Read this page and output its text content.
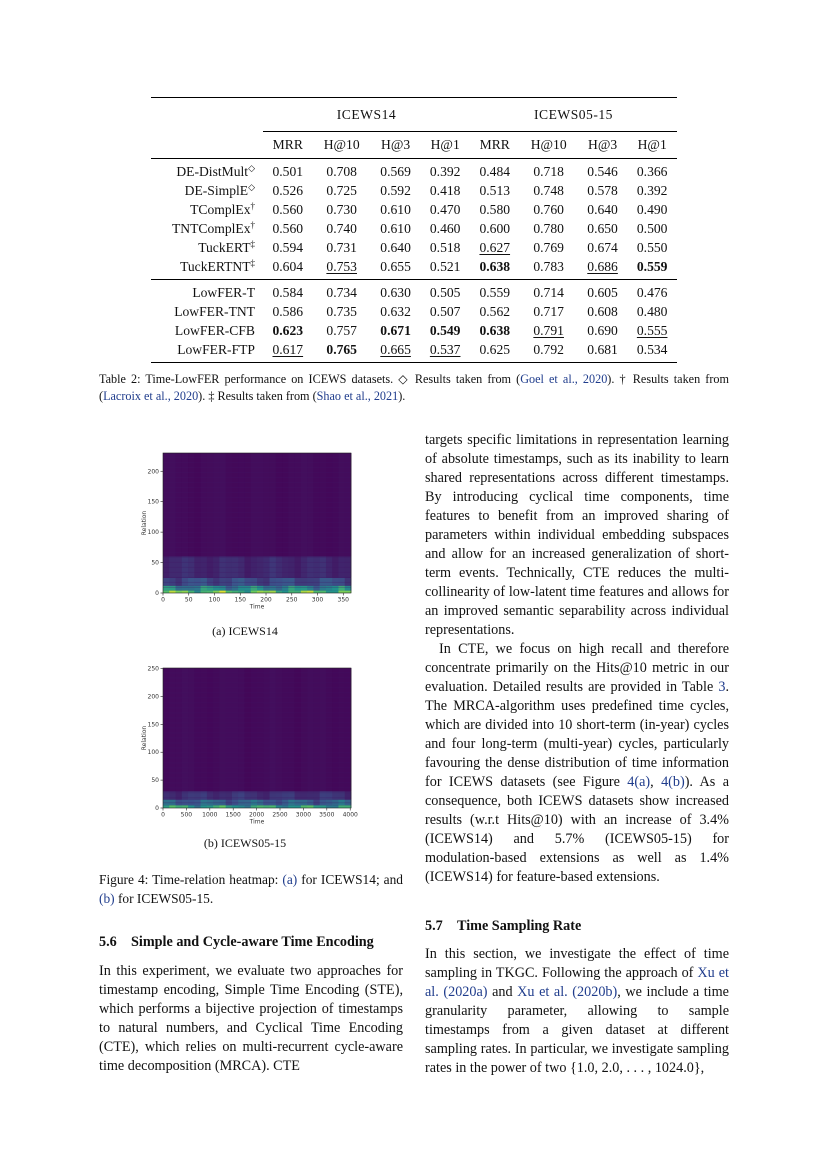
	ICEWS14				ICEWS05-15			
	MRR	H@10	H@3	H@1	MRR	H@10	H@3	H@1

DE-DistMult◇	0.501	0.708	0.569	0.392	0.484	0.718	0.546	0.366
DE-SimplE◇	0.526	0.725	0.592	0.418	0.513	0.748	0.578	0.392
TComplEx†	0.560	0.730	0.610	0.470	0.580	0.760	0.640	0.490
TNTComplEx†	0.560	0.740	0.610	0.460	0.600	0.780	0.650	0.500
TuckERT‡	0.594	0.731	0.640	0.518	0.627	0.769	0.674	0.550
TuckERTNT‡	0.604	0.753	0.655	0.521	0.638	0.783	0.686	0.559

LowFER-T	0.584	0.734	0.630	0.505	0.559	0.714	0.605	0.476
LowFER-TNT	0.586	0.735	0.632	0.507	0.562	0.717	0.608	0.480
LowFER-CFB	0.623	0.757	0.671	0.549	0.638	0.791	0.690	0.555
LowFER-FTP	0.617	0.765	0.665	0.537	0.625	0.792	0.681	0.534

Table 2: Time-LowFER performance on ICEWS datasets. ◇ Results taken from (Goel et al., 2020). † Results taken from (Lacroix et al., 2020). ‡ Results taken from (Shao et al., 2021).
0
50
100
150
200
0	50	100 150 200 250 300 350
Time
Relation
(a) ICEWS14
0
50
100
150
200
250
0	500 1000 1500 2000 2500 3000 3500 4000
Time
Relation
(b) ICEWS05-15
Figure 4: Time-relation heatmap: (a) for ICEWS14; and (b) for ICEWS05-15.
5.6 Simple and Cycle-aware Time Encoding

In this experiment, we evaluate two approaches for timestamp encoding, Simple Time Encoding (STE), which performs a bijective projection of timestamps to natural numbers, and Cyclical Time Encoding (CTE), which relies on multi-recurrent cycle-aware time decomposition (MRCA). CTE

targets specific limitations in representation learning of absolute timestamps, such as its inability to learn shared representations across different timestamps. By introducing cyclical time components, time features to benefit from an improved sharing of parameters within individual embedding subspaces and allow for an increased generalization of short-term events. Technically, CTE reduces the multi-collinearity of low-latent time features and allows for an improved semantic separability across individual representations.

In CTE, we focus on high recall and therefore concentrate primarily on the Hits@10 metric in our evaluation. Detailed results are provided in Table 3. The MRCA-algorithm uses predefined time cycles, which are divided into 10 short-term (in-year) cycles and four long-term (multi-year) cycles, particularly favouring the dense distribution of time information for ICEWS datasets (see Figure 4(a), 4(b)). As a consequence, both ICEWS datasets show increased results (w.r.t Hits@10) with an increase of 3.4% (ICEWS14) and 5.7% (ICEWS05-15) for modulation-based extensions as well as 1.4% (ICEWS14) for feature-based extensions.

5.7 Time Sampling Rate

In this section, we investigate the effect of time sampling in TKGC. Following the approach of Xu et al. (2020a) and Xu et al. (2020b), we include a time granularity parameter, allowing to sample timestamps from a given dataset at different sampling rates. In particular, we investigate sampling rates in the power of two {1.0, 2.0, . . . , 1024.0},
